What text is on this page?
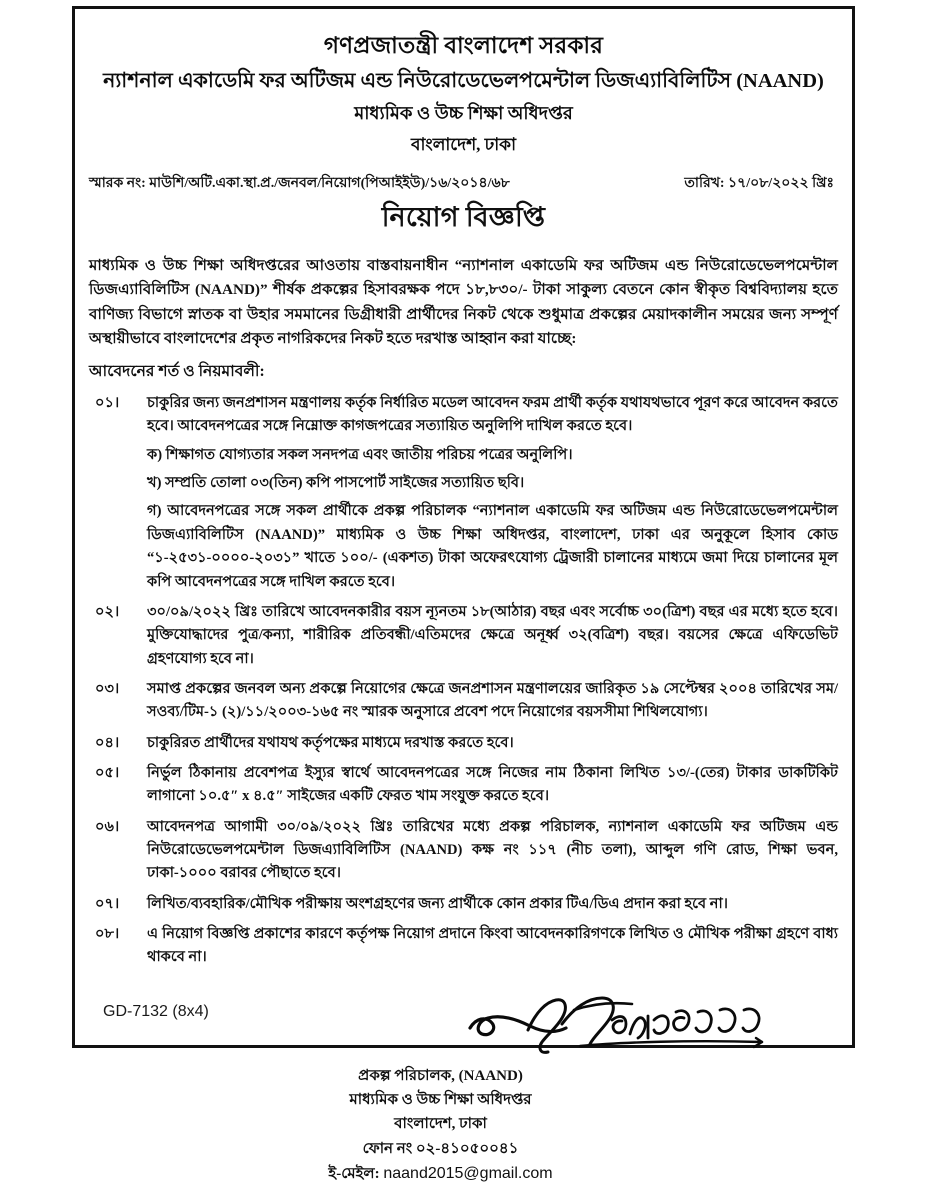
গণপ্রজাতন্ত্রী বাংলাদেশ সরকার
ন্যাশনাল একাডেমি ফর অটিজম এন্ড নিউরোডেভেলপমেন্টাল ডিজএ্যাবিলিটিস (NAAND)
মাধ্যমিক ও উচ্চ শিক্ষা অধিদপ্তর
বাংলাদেশ, ঢাকা
স্মারক নং: মাউশি/অটি.একা.স্থা.প্র./জনবল/নিয়োগ(পিআইইউ)/১৬/২০১৪/৬৮	তারিখ: ১৭/০৮/২০২২ খ্রিঃ
নিয়োগ বিজ্ঞপ্তি
মাধ্যমিক ও উচ্চ শিক্ষা অধিদপ্তরের আওতায় বাস্তবায়নাধীন “ন্যাশনাল একাডেমি ফর অটিজম এন্ড নিউরোডেভেলপমেন্টাল ডিজএ্যাবিলিটিস (NAAND)” শীর্ষক প্রকল্পের হিসাবরক্ষক পদে ১৮,৮৩০/- টাকা সাকুল্য বেতনে কোন স্বীকৃত বিশ্ববিদ্যালয় হতে বাণিজ্য বিভাগে স্নাতক বা উহার সমমানের ডিগ্রীধারী প্রার্থীদের নিকট থেকে শুধুমাত্র প্রকল্পের মেয়াদকালীন সময়ের জন্য সম্পূর্ণ অস্থায়ীভাবে বাংলাদেশের প্রকৃত নাগরিকদের নিকট হতে দরখাস্ত আহ্বান করা যাচ্ছে:
আবেদনের শর্ত ও নিয়মাবলী:
০১।	চাকুরির জন্য জনপ্রশাসন মন্ত্রণালয় কর্তৃক নির্ধারিত মডেল আবেদন ফরম প্রার্থী কর্তৃক যথাযথভাবে পূরণ করে আবেদন করতে হবে। আবেদনপত্রের সঙ্গে নিম্নোক্ত কাগজপত্রের সত্যায়িত অনুলিপি দাখিল করতে হবে।
ক) শিক্ষাগত যোগ্যতার সকল সনদপত্র এবং জাতীয় পরিচয় পত্রের অনুলিপি।
খ) সম্প্রতি তোলা ০৩(তিন) কপি পাসপোর্ট সাইজের সত্যায়িত ছবি।
গ) আবেদনপত্রের সঙ্গে সকল প্রার্থীকে প্রকল্প পরিচালক “ন্যাশনাল একাডেমি ফর অটিজম এন্ড নিউরোডেভেলপমেন্টাল ডিজএ্যাবিলিটিস (NAAND)” মাধ্যমিক ও উচ্চ শিক্ষা অধিদপ্তর, বাংলাদেশ, ঢাকা এর অনুকূলে হিসাব কোড “১-২৫৩১-০০০০-২০৩১” খাতে ১০০/- (একশত) টাকা অফেরৎযোগ্য ট্রেজারী চালানের মাধ্যমে জমা দিয়ে চালানের মূল কপি আবেদনপত্রের সঙ্গে দাখিল করতে হবে।
০২।	৩০/০৯/২০২২ খ্রিঃ তারিখে আবেদনকারীর বয়স ন্যূনতম ১৮(আঠার) বছর এবং সর্বোচ্চ ৩০(ত্রিশ) বছর এর মধ্যে হতে হবে। মুক্তিযোদ্ধাদের পুত্র/কন্যা, শারীরিক প্রতিবন্ধী/এতিমদের ক্ষেত্রে অনূর্ধ্ব ৩২(বত্রিশ) বছর। বয়সের ক্ষেত্রে এফিডেভিট গ্রহণযোগ্য হবে না।
০৩।	সমাপ্ত প্রকল্পের জনবল অন্য প্রকল্পে নিয়োগের ক্ষেত্রে জনপ্রশাসন মন্ত্রণালয়ের জারিকৃত ১৯ সেপ্টেম্বর ২০০৪ তারিখের সম/সওব্য/টিম-১ (২)/১১/২০০৩-১৬৫ নং স্মারক অনুসারে প্রবেশ পদে নিয়োগের বয়সসীমা শিথিলযোগ্য।
০৪।	চাকুরিরত প্রার্থীদের যথাযথ কর্তৃপক্ষের মাধ্যমে দরখাস্ত করতে হবে।
০৫।	নির্ভুল ঠিকানায় প্রবেশপত্র ইস্যুর স্বার্থে আবেদনপত্রের সঙ্গে নিজের নাম ঠিকানা লিখিত ১৩/-(তের) টাকার ডাকটিকিট লাগানো ১০.৫″ x ৪.৫″ সাইজের একটি ফেরত খাম সংযুক্ত করতে হবে।
০৬।	আবেদনপত্র আগামী ৩০/০৯/২০২২ খ্রিঃ তারিখের মধ্যে প্রকল্প পরিচালক, ন্যাশনাল একাডেমি ফর অটিজম এন্ড নিউরোডেভেলপমেন্টাল ডিজএ্যাবিলিটিস (NAAND) কক্ষ নং ১১৭ (নীচ তলা), আব্দুল গণি রোড, শিক্ষা ভবন, ঢাকা-১০০০ বরাবর পৌছাতে হবে।
০৭।	লিখিত/ব্যবহারিক/মৌখিক পরীক্ষায় অংশগ্রহণের জন্য প্রার্থীকে কোন প্রকার টিএ/ডিএ প্রদান করা হবে না।
০৮।	এ নিয়োগ বিজ্ঞপ্তি প্রকাশের কারণে কর্তৃপক্ষ নিয়োগ প্রদানে কিংবা আবেদনকারিগণকে লিখিত ও মৌখিক পরীক্ষা গ্রহণে বাধ্য থাকবে না।
প্রকল্প পরিচালক, (NAAND)
মাধ্যমিক ও উচ্চ শিক্ষা অধিদপ্তর
বাংলাদেশ, ঢাকা
ফোন নং ০২-৪১০৫০০৪১
ই-মেইল: naand2015@gmail.com
GD-7132 (8x4)
